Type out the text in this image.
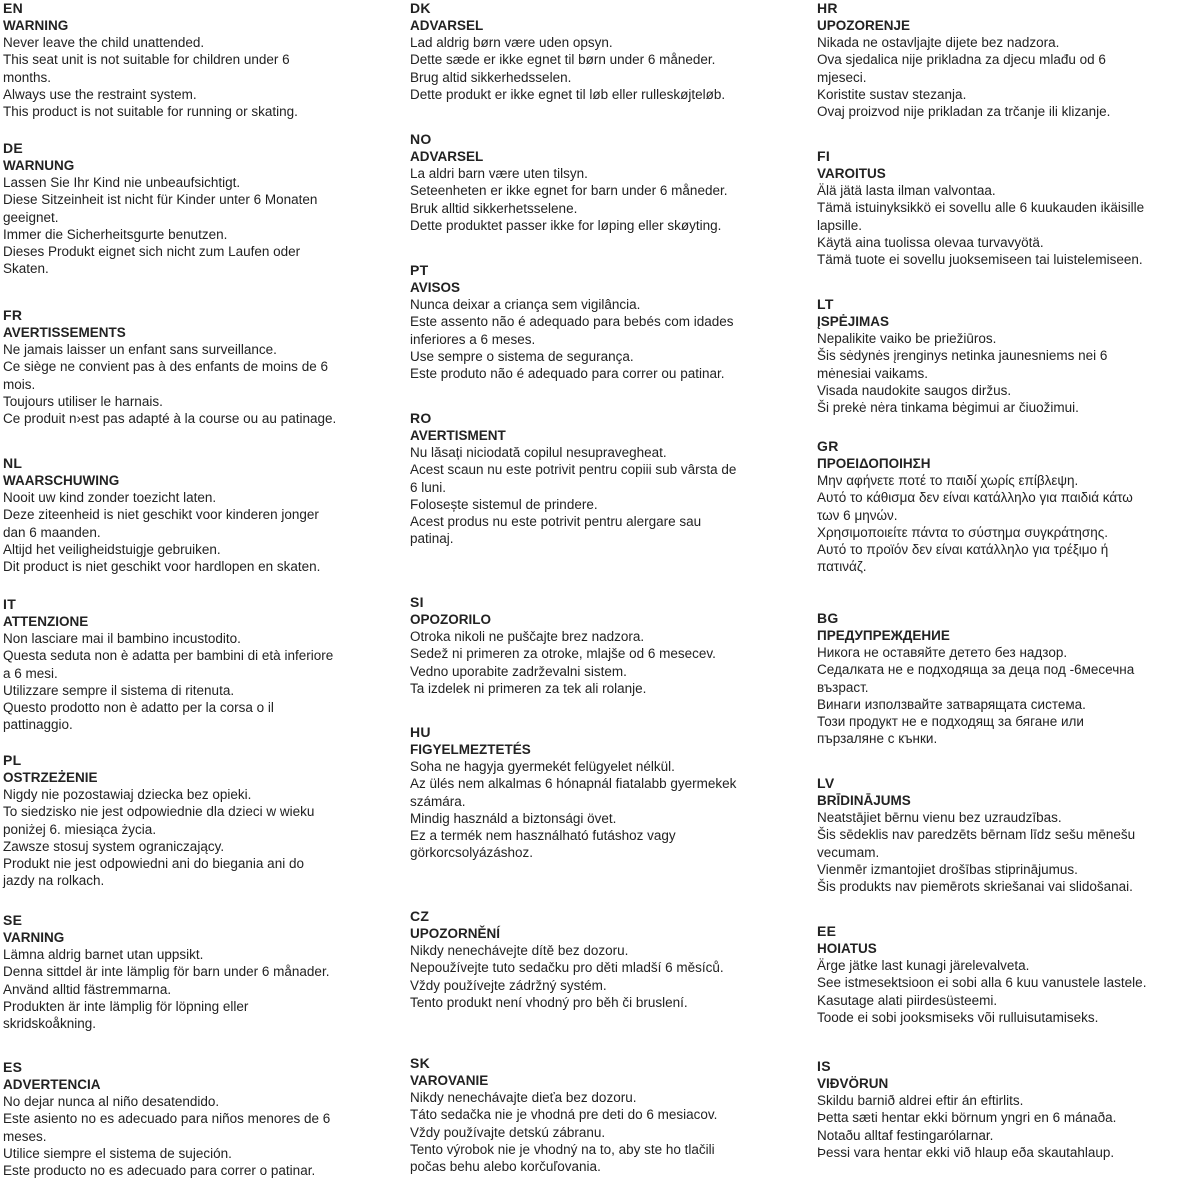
EN
WARNING
Never leave the child unattended.
This seat unit is not suitable for children under 6
months.
Always use the restraint system.
This product is not suitable for running or skating.
DE
WARNUNG
Lassen Sie Ihr Kind nie unbeaufsichtigt.
Diese Sitzeinheit ist nicht für Kinder unter 6 Monaten
geeignet.
Immer die Sicherheitsgurte benutzen.
Dieses Produkt eignet sich nicht zum Laufen oder
Skaten.
FR
AVERTISSEMENTS
Ne jamais laisser un enfant sans surveillance.
Ce siège ne convient pas à des enfants de moins de 6
mois.
Toujours utiliser le harnais.
Ce produit n›est pas adapté à la course ou au patinage.
NL
WAARSCHUWING
Nooit uw kind zonder toezicht laten.
Deze ziteenheid is niet geschikt voor kinderen jonger
dan 6 maanden.
Altijd het veiligheidstuigje gebruiken.
Dit product is niet geschikt voor hardlopen en skaten.
IT
ATTENZIONE
Non lasciare mai il bambino incustodito.
Questa seduta non è adatta per bambini di età inferiore
a 6 mesi.
Utilizzare sempre il sistema di ritenuta.
Questo prodotto non è adatto per la corsa o il
pattinaggio.
PL
OSTRZEŻENIE
Nigdy nie pozostawiaj dziecka bez opieki.
To siedzisko nie jest odpowiednie dla dzieci w wieku
poniżej 6. miesiąca życia.
Zawsze stosuj system ograniczający.
Produkt nie jest odpowiedni ani do biegania ani do
jazdy na rolkach.
SE
VARNING
Lämna aldrig barnet utan uppsikt.
Denna sittdel är inte lämplig för barn under 6 månader.
Använd alltid fästremmarna.
Produkten är inte lämplig för löpning eller
skridskoåkning.
ES
ADVERTENCIA
No dejar nunca al niño desatendido.
Este asiento no es adecuado para niños menores de 6
meses.
Utilice siempre el sistema de sujeción.
Este producto no es adecuado para correr o patinar.
DK
ADVARSEL
Lad aldrig børn være uden opsyn.
Dette sæde er ikke egnet til børn under 6 måneder.
Brug altid sikkerhedsselen.
Dette produkt er ikke egnet til løb eller rulleskøjteløb.
NO
ADVARSEL
La aldri barn være uten tilsyn.
Seteenheten er ikke egnet for barn under 6 måneder.
Bruk alltid sikkerhetsselene.
Dette produktet passer ikke for løping eller skøyting.
PT
AVISOS
Nunca deixar a criança sem vigilância.
Este assento não é adequado para bebés com idades
inferiores a 6 meses.
Use sempre o sistema de segurança.
Este produto não é adequado para correr ou patinar.
RO
AVERTISMENT
Nu lăsați niciodată copilul nesupravegheat.
Acest scaun nu este potrivit pentru copiii sub vârsta de
6 luni.
Folosește sistemul de prindere.
Acest produs nu este potrivit pentru alergare sau
patinaj.
SI
OPOZORILO
Otroka nikoli ne puščajte brez nadzora.
Sedež ni primeren za otroke, mlajše od 6 mesecev.
Vedno uporabite zadrževalni sistem.
Ta izdelek ni primeren za tek ali rolanje.
HU
FIGYELMEZTETÉS
Soha ne hagyja gyermekét felügyelet nélkül.
Az ülés nem alkalmas 6 hónapnál fiatalabb gyermekek
számára.
Mindig használd a biztonsági övet.
Ez a termék nem használható futáshoz vagy
görkorcsolyázáshoz.
CZ
UPOZORNĚNÍ
Nikdy nenechávejte dítě bez dozoru.
Nepoužívejte tuto sedačku pro děti mladší 6 měsíců.
Vždy používejte zádržný systém.
Tento produkt není vhodný pro běh či bruslení.
SK
VAROVANIE
Nikdy nenechávajte dieťa bez dozoru.
Táto sedačka nie je vhodná pre deti do 6 mesiacov.
Vždy používajte detskú zábranu.
Tento výrobok nie je vhodný na to, aby ste ho tlačili
počas behu alebo korčuľovania.
HR
UPOZORENJE
Nikada ne ostavljajte dijete bez nadzora.
Ova sjedalica nije prikladna za djecu mlađu od 6
mjeseci.
Koristite sustav stezanja.
Ovaj proizvod nije prikladan za trčanje ili klizanje.
FI
VAROITUS
Älä jätä lasta ilman valvontaa.
Tämä istuinyksikkö ei sovellu alle 6 kuukauden ikäisille
lapsille.
Käytä aina tuolissa olevaa turvavyötä.
Tämä tuote ei sovellu juoksemiseen tai luistelemiseen.
LT
ĮSPĖJIMAS
Nepalikite vaiko be priežiūros.
Šis sėdynės įrenginys netinka jaunesniems nei 6
mėnesiai vaikams.
Visada naudokite saugos diržus.
Ši prekė nėra tinkama bėgimui ar čiuožimui.
GR
ΠΡΟΕΙΔΟΠΟΙΗΣΗ
Μην αφήνετε ποτέ το παιδί χωρίς επίβλεψη.
Αυτό το κάθισμα δεν είναι κατάλληλο για παιδιά κάτω
των 6 μηνών.
Χρησιμοποιείτε πάντα το σύστημα συγκράτησης.
Αυτό το προϊόν δεν είναι κατάλληλο για τρέξιμο ή
πατινάζ.
BG
ПРЕДУПРЕЖДЕНИЕ
Никога не оставяйте детето без надзор.
Седалката не е подходяща за деца под -6месечна
възраст.
Винаги използвайте затварящата система.
Този продукт не е подходящ за бягане или
пързаляне с кънки.
LV
BRĪDINĀJUMS
Neatstājiet bērnu vienu bez uzraudzības.
Šis sēdeklis nav paredzēts bērnam līdz sešu mēnešu
vecumam.
Vienmēr izmantojiet drošības stiprinājumus.
Šis produkts nav piemērots skriešanai vai slidošanai.
EE
HOIATUS
Ärge jätke last kunagi järelevalveta.
See istmesektsioon ei sobi alla 6 kuu vanustele lastele.
Kasutage alati piirdesüsteemi.
Toode ei sobi jooksmiseks või rulluisutamiseks.
IS
VIÐVÖRUN
Skildu barnið aldrei eftir án eftirlits.
Þetta sæti hentar ekki börnum yngri en 6 mánaða.
Notaðu alltaf festingarólarnar.
Þessi vara hentar ekki við hlaup eða skautahlaup.
